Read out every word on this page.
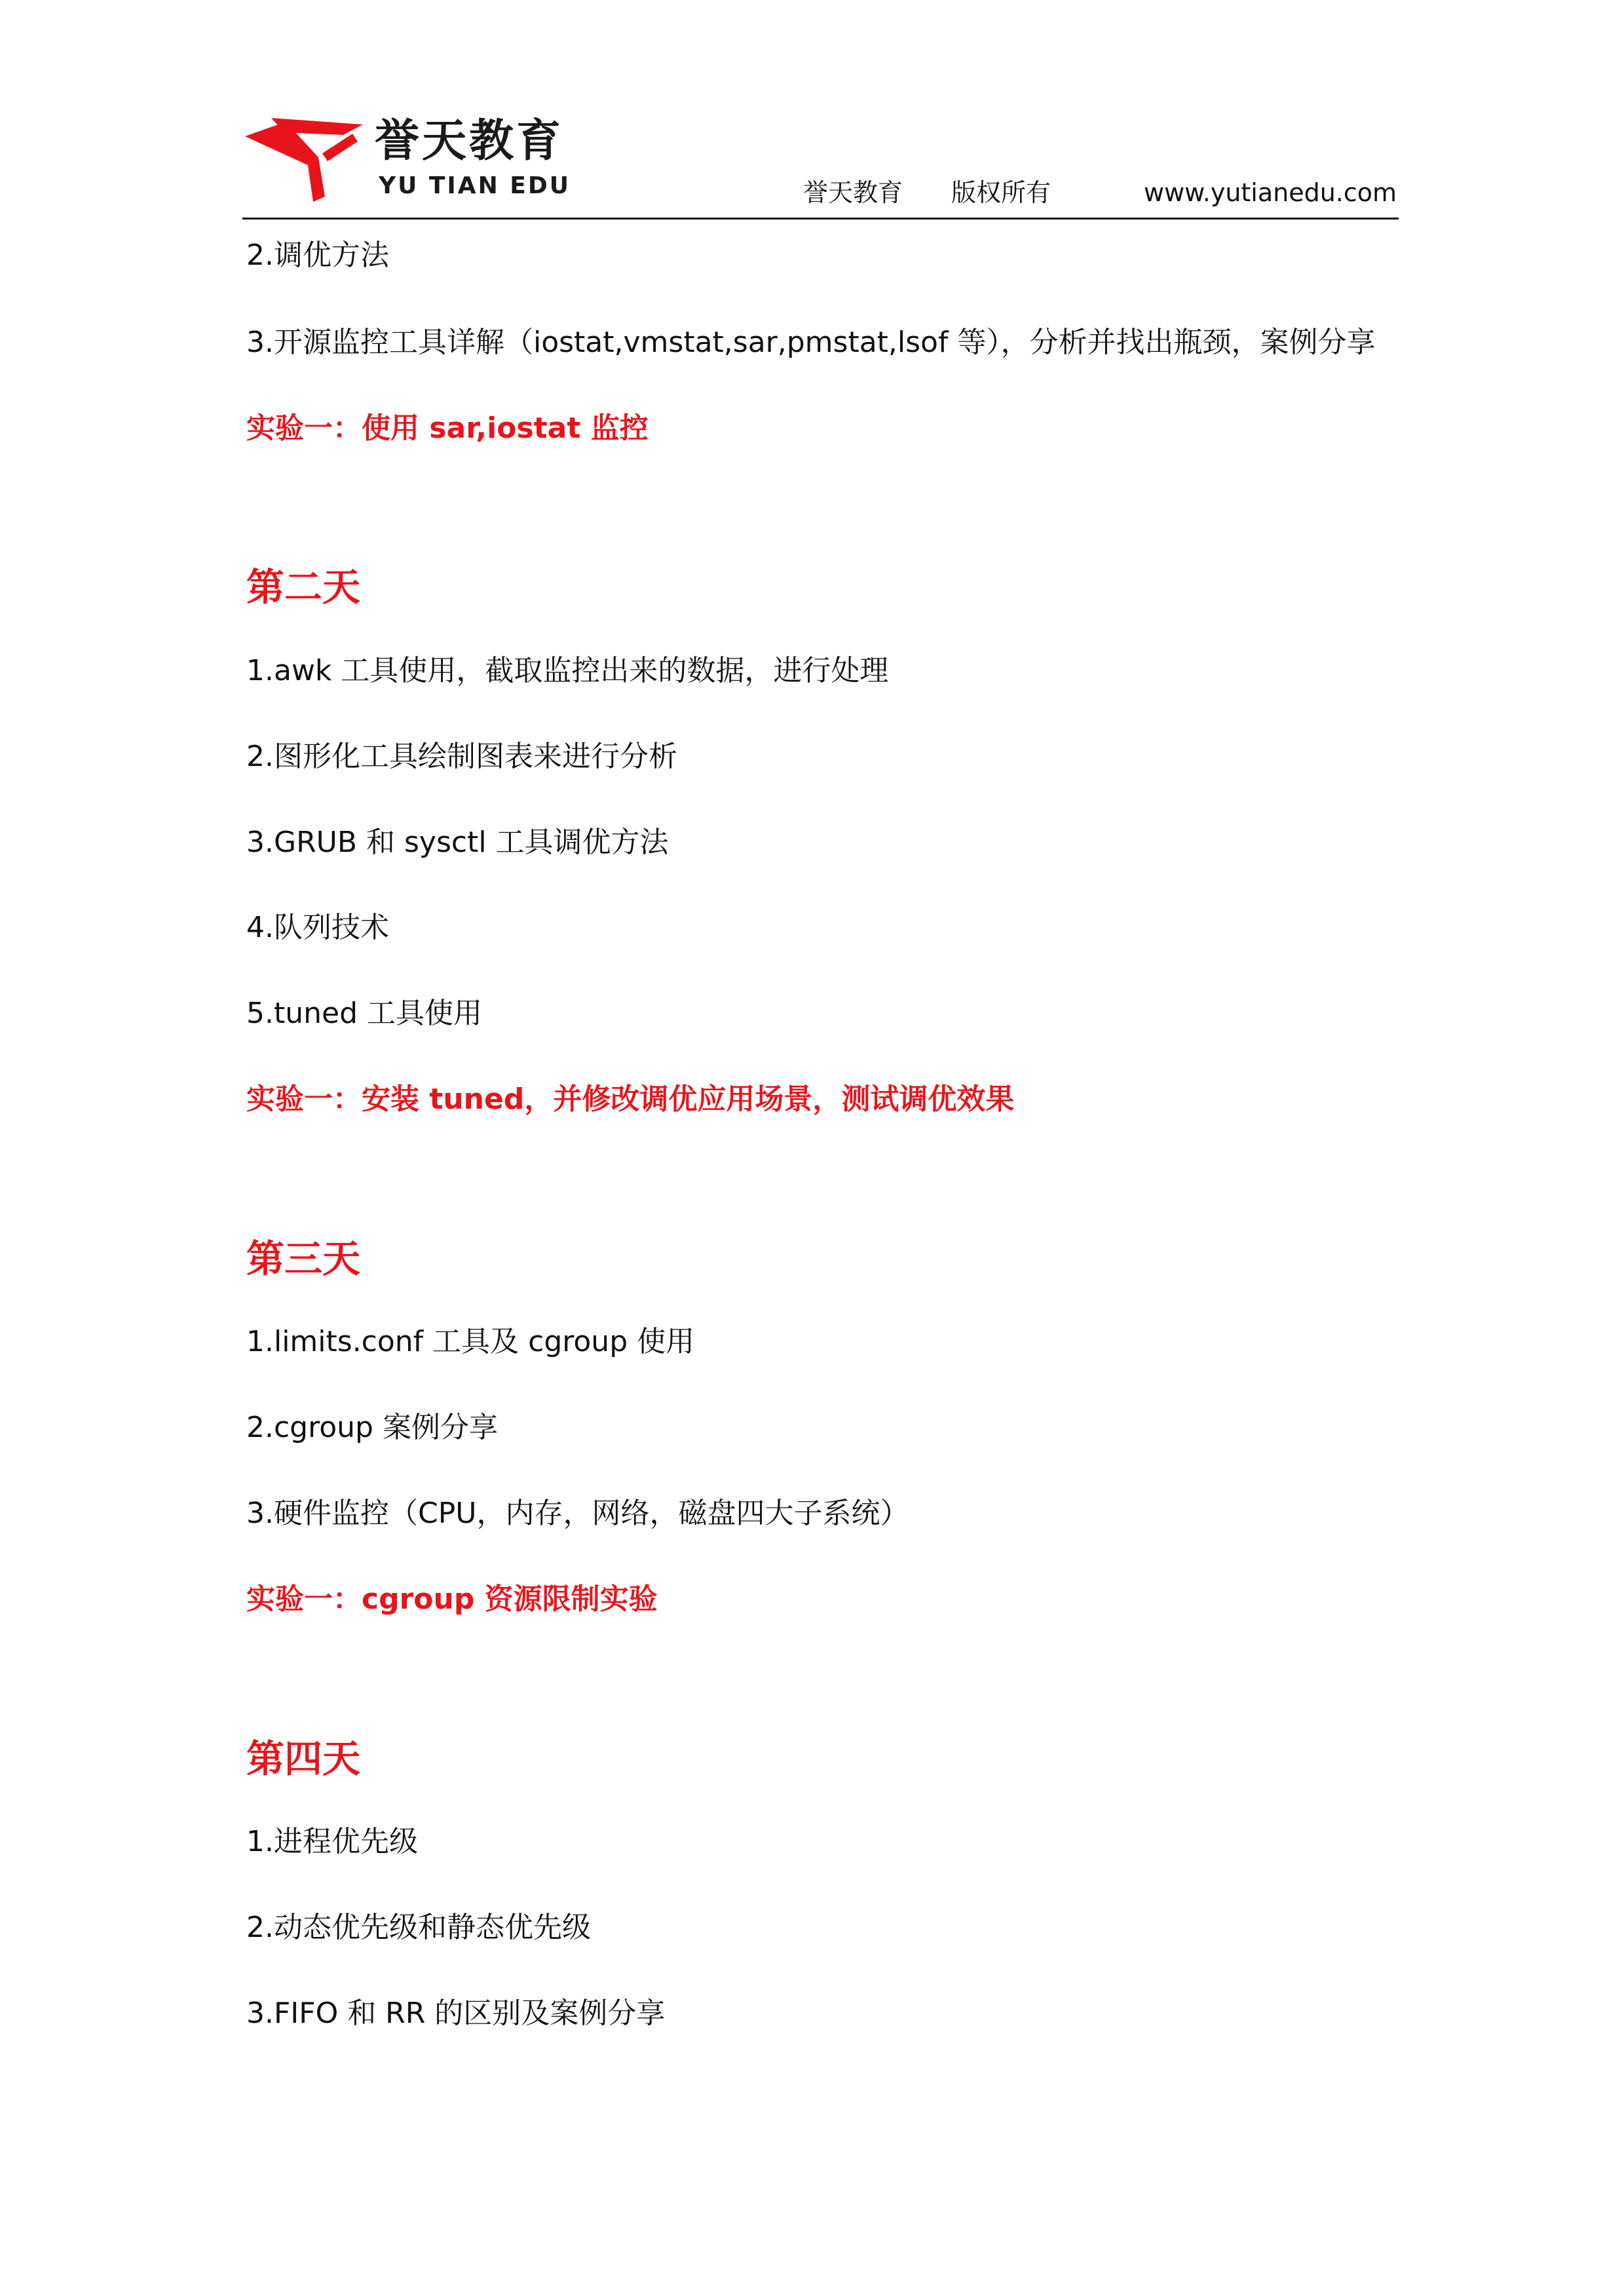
誉天教育
YU TIAN EDU	誉天教育 版权所有	www.yutianedu.com

2.调优方法

3.开源监控工具详解（iostat,vmstat,sar,pmstat,lsof 等），分析并找出瓶颈，案例分享

实验一：使用 sar,iostat 监控

第二天

1.awk 工具使用，截取监控出来的数据，进行处理

2.图形化工具绘制图表来进行分析

3.GRUB 和 sysctl 工具调优方法

4.队列技术

5.tuned 工具使用

实验一：安装 tuned，并修改调优应用场景，测试调优效果

第三天

1.limits.conf 工具及 cgroup 使用

2.cgroup 案例分享

3.硬件监控（CPU，内存，网络，磁盘四大子系统）

实验一：cgroup 资源限制实验

第四天

1.进程优先级

2.动态优先级和静态优先级

3.FIFO 和 RR 的区别及案例分享
